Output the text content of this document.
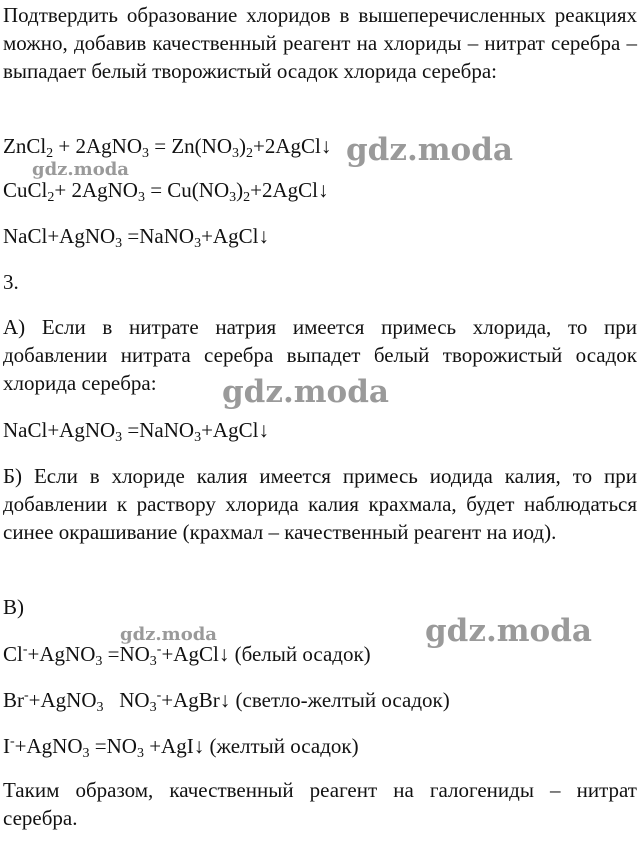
Подтвердить образование хлоридов в вышеперечисленных реакциях можно, добавив качественный реагент на хлориды – нитрат серебра – выпадает белый творожистый осадок хлорида серебра:
ZnCl$_2$ + 2AgNO$_3$ = $Zn(NO_3)_2+2AgCl↓$
CuCl$_2$+ 2AgNO$_3$ = $Cu(NO_3)_2+2AgCl↓$
NaCl+AgNO$_3$ =NaNO$_3$+AgCl↓
3.
А) Если в нитрате натрия имеется примесь хлорида, то при добавлении нитрата серебра выпадет белый творожистый осадок хлорида серебра:
NaCl+AgNO$_3$ =NaNO$_3$+AgCl↓
Б) Если в хлориде калия имеется примесь иодида калия, то при добавлении к раствору хлорида калия крахмала, будет наблюдаться синее окрашивание (крахмал – качественный реагент на иод).
В)
Cl-+AgNO$_3$ $=NO_3^-+AgCl↓$ (белый осадок)
Br-+AgNO$_3$   $NO_3^-+AgBr↓$ (светло-желтый осадок)
I-+AgNO$_3$ $=NO_3$ +AgI↓ (желтый осадок)
Таким образом, качественный реагент на галогениды – нитрат серебра.
gdz.moda
gdz.moda
gdz.moda
gdz.moda	gdz.moda
